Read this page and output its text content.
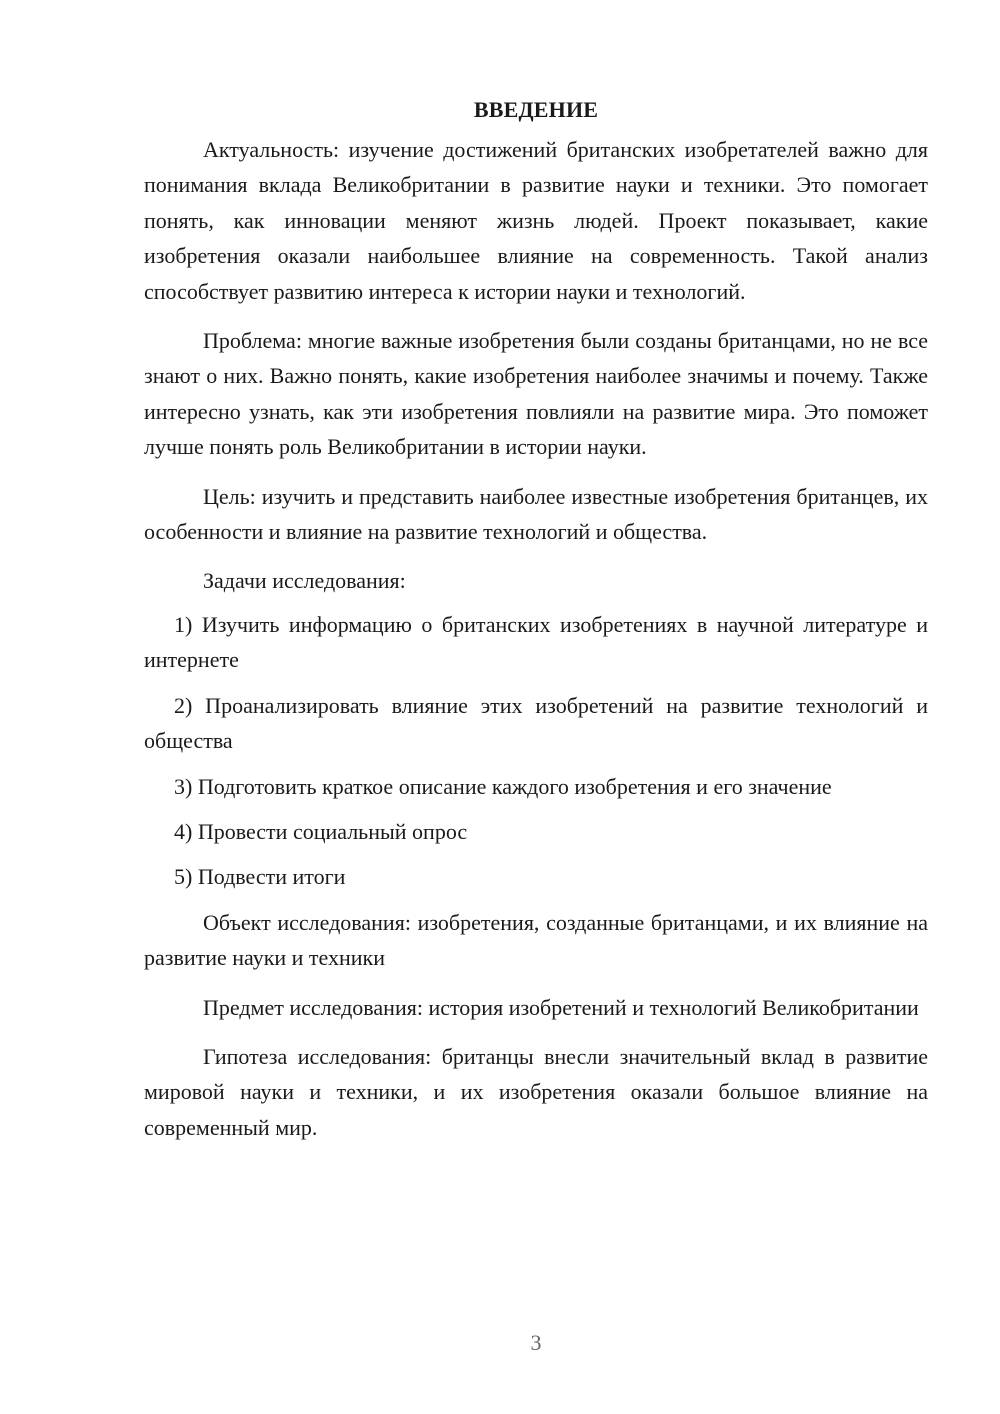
ВВЕДЕНИЕ

Актуальность: изучение достижений британских изобретателей важно для понимания вклада Великобритании в развитие науки и техники. Это помогает понять, как инновации меняют жизнь людей. Проект показывает, какие изобретения оказали наибольшее влияние на современность. Такой анализ способствует развитию интереса к истории науки и технологий.

Проблема: многие важные изобретения были созданы британцами, но не все знают о них. Важно понять, какие изобретения наиболее значимы и почему. Также интересно узнать, как эти изобретения повлияли на развитие мира. Это поможет лучше понять роль Великобритании в истории науки.

Цель: изучить и представить наиболее известные изобретения британцев, их особенности и влияние на развитие технологий и общества.

Задачи исследования:

1) Изучить информацию о британских изобретениях в научной литературе и интернете

2) Проанализировать влияние этих изобретений на развитие технологий и общества

3) Подготовить краткое описание каждого изобретения и его значение

4) Провести социальный опрос

5) Подвести итоги

Объект исследования: изобретения, созданные британцами, и их влияние на развитие науки и техники

Предмет исследования: история изобретений и технологий Великобритании

Гипотеза исследования: британцы внесли значительный вклад в развитие мировой науки и техники, и их изобретения оказали большое влияние на современный мир.

3
